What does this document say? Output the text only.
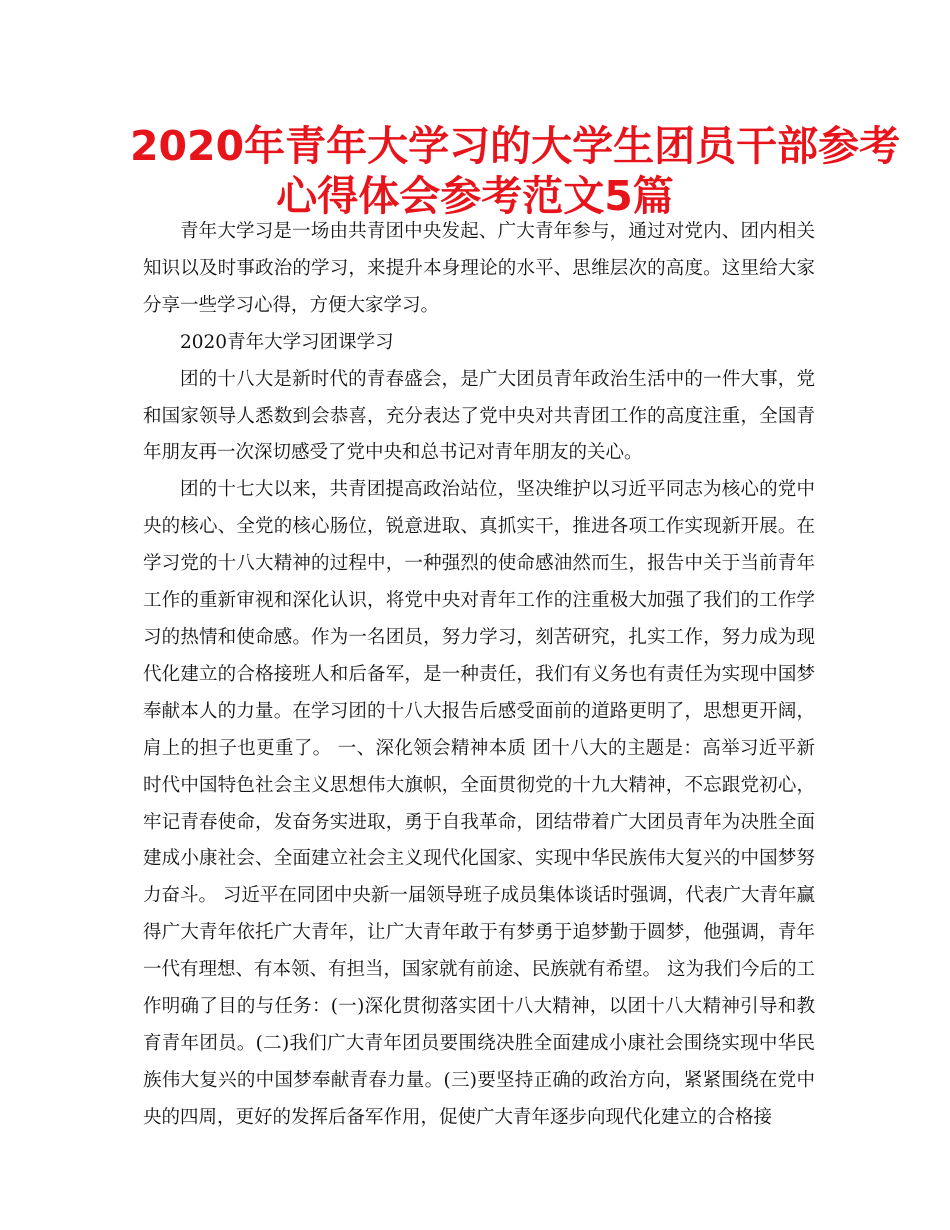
2020年青年大学习的大学生团员干部参考
心得体会参考范文5篇

青年大学习是一场由共青团中央发起、广大青年参与，通过对党内、团内相关知识以及时事政治的学习，来提升本身理论的水平、思维层次的高度。这里给大家分享一些学习心得，方便大家学习。

2020青年大学习团课学习

团的十八大是新时代的青春盛会，是广大团员青年政治生活中的一件大事，党和国家领导人悉数到会恭喜，充分表达了党中央对共青团工作的高度注重，全国青年朋友再一次深切感受了党中央和总书记对青年朋友的关心。

团的十七大以来，共青团提高政治站位，坚决维护以习近平同志为核心的党中央的核心、全党的核心肠位，锐意进取、真抓实干，推进各项工作实现新开展。在学习党的十八大精神的过程中，一种强烈的使命感油然而生，报告中关于当前青年工作的重新审视和深化认识，将党中央对青年工作的注重极大加强了我们的工作学习的热情和使命感。作为一名团员，努力学习，刻苦研究，扎实工作，努力成为现代化建立的合格接班人和后备军，是一种责任，我们有义务也有责任为实现中国梦奉献本人的力量。在学习团的十八大报告后感受面前的道路更明了，思想更开阔，肩上的担子也更重了。 一、深化领会精神本质 团十八大的主题是：高举习近平新时代中国特色社会主义思想伟大旗帜，全面贯彻党的十九大精神，不忘跟党初心，牢记青春使命，发奋务实进取，勇于自我革命，团结带着广大团员青年为决胜全面建成小康社会、全面建立社会主义现代化国家、实现中华民族伟大复兴的中国梦努力奋斗。 习近平在同团中央新一届领导班子成员集体谈话时强调，代表广大青年赢得广大青年依托广大青年，让广大青年敢于有梦勇于追梦勤于圆梦，他强调，青年一代有理想、有本领、有担当，国家就有前途、民族就有希望。 这为我们今后的工作明确了目的与任务：(一)深化贯彻落实团十八大精神，以团十八大精神引导和教育青年团员。(二)我们广大青年团员要围绕决胜全面建成小康社会围绕实现中华民族伟大复兴的中国梦奉献青春力量。(三)要坚持正确的政治方向，紧紧围绕在党中央的四周，更好的发挥后备军作用，促使广大青年逐步向现代化建立的合格接
